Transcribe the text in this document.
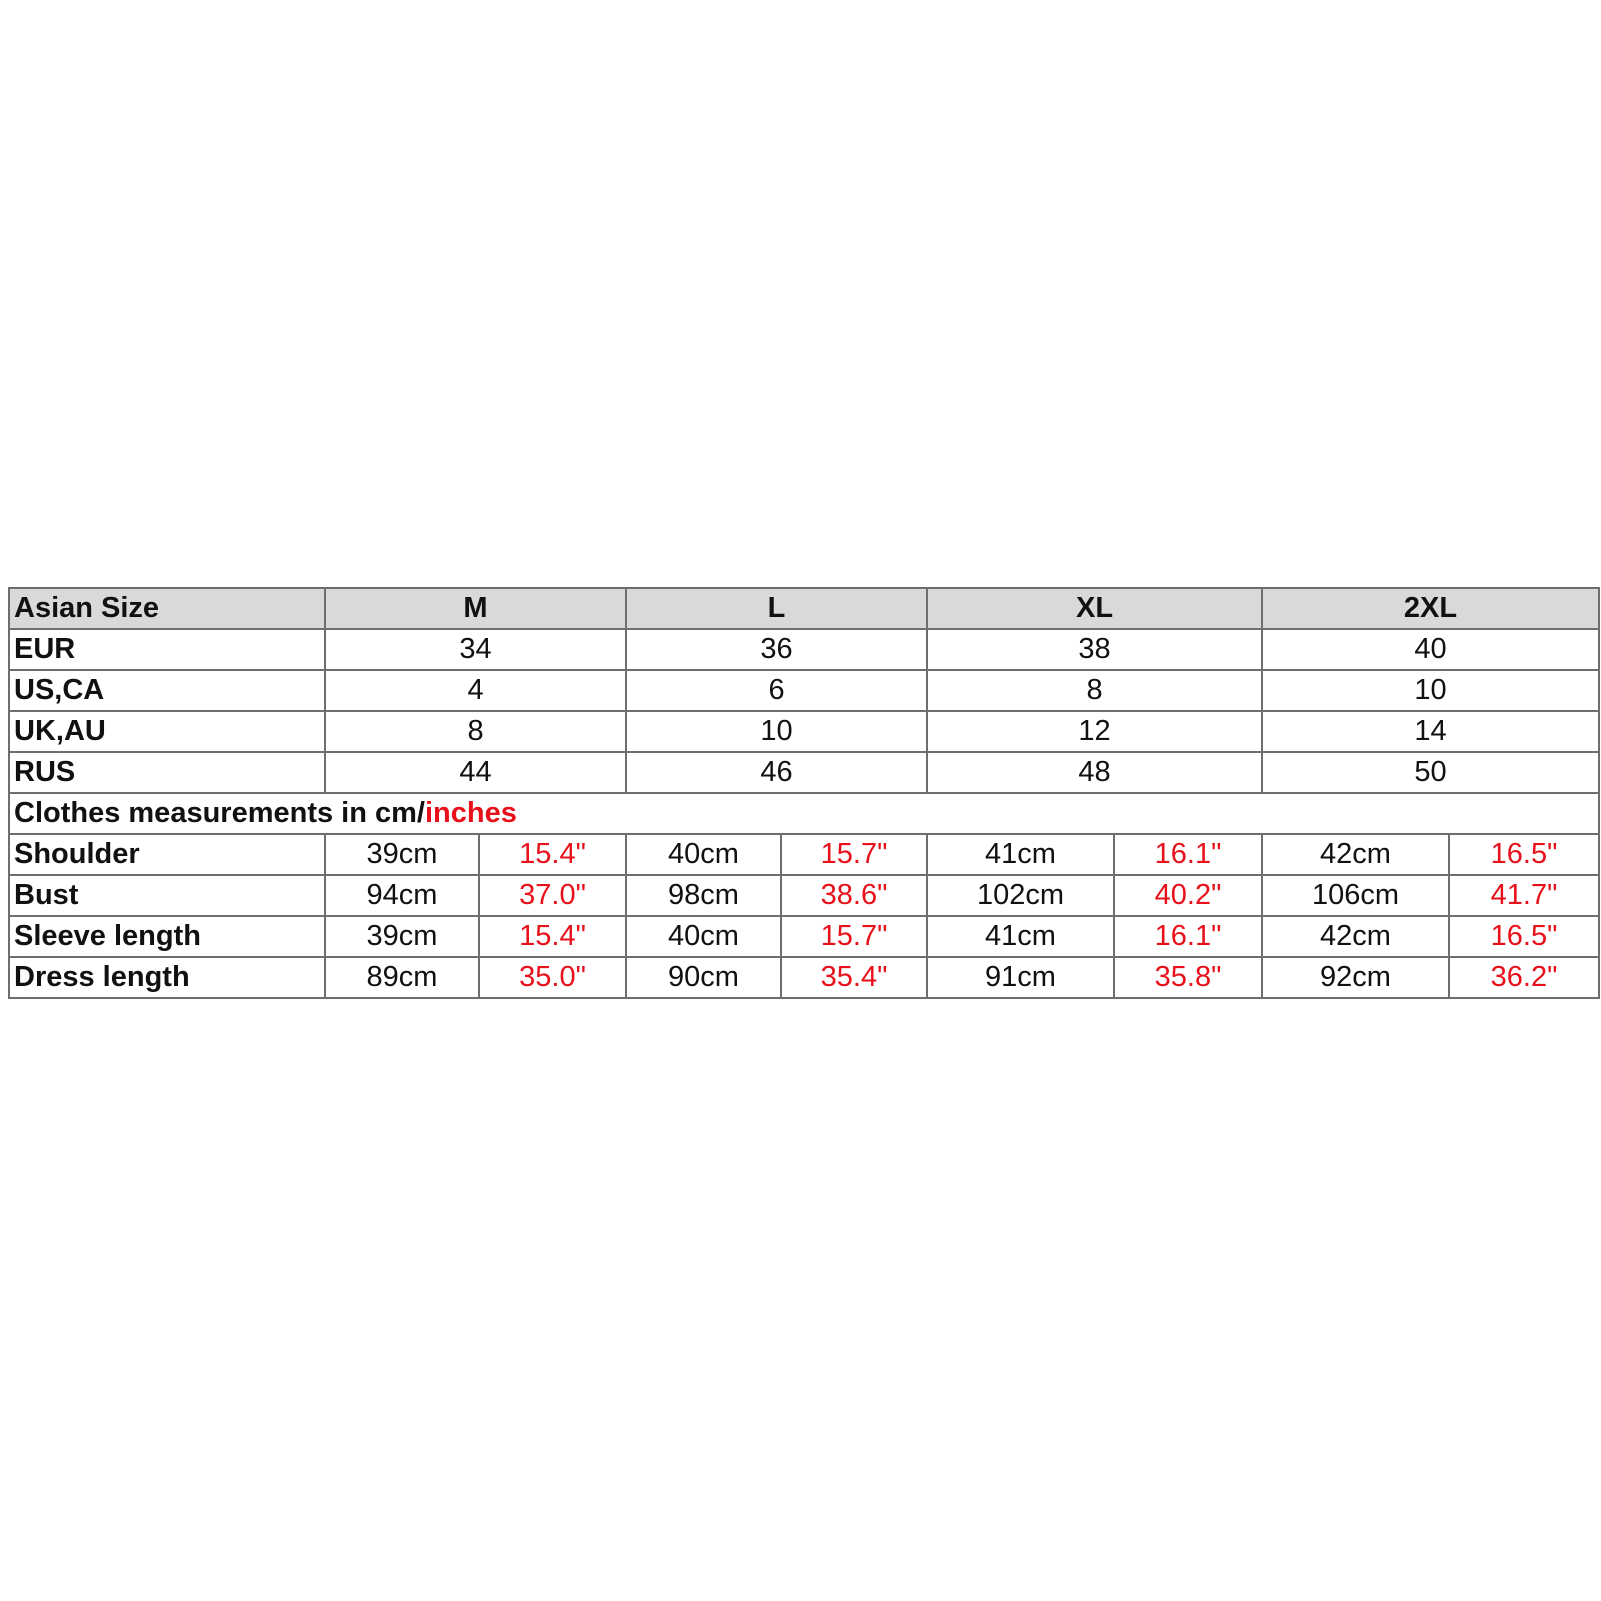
Asian Size	M		L		XL		2XL	
EUR	34		36		38		40	
US,CA	4		6		8		10	
UK,AU	8		10		12		14	
RUS	44		46		48		50	
Clothes measurements in cm/inches								
Shoulder	39cm	15.4"	40cm	15.7"	41cm	16.1"	42cm	16.5"
Bust	94cm	37.0"	98cm	38.6"	102cm	40.2"	106cm	41.7"
Sleeve length	39cm	15.4"	40cm	15.7"	41cm	16.1"	42cm	16.5"
Dress length	89cm	35.0"	90cm	35.4"	91cm	35.8"	92cm	36.2"
